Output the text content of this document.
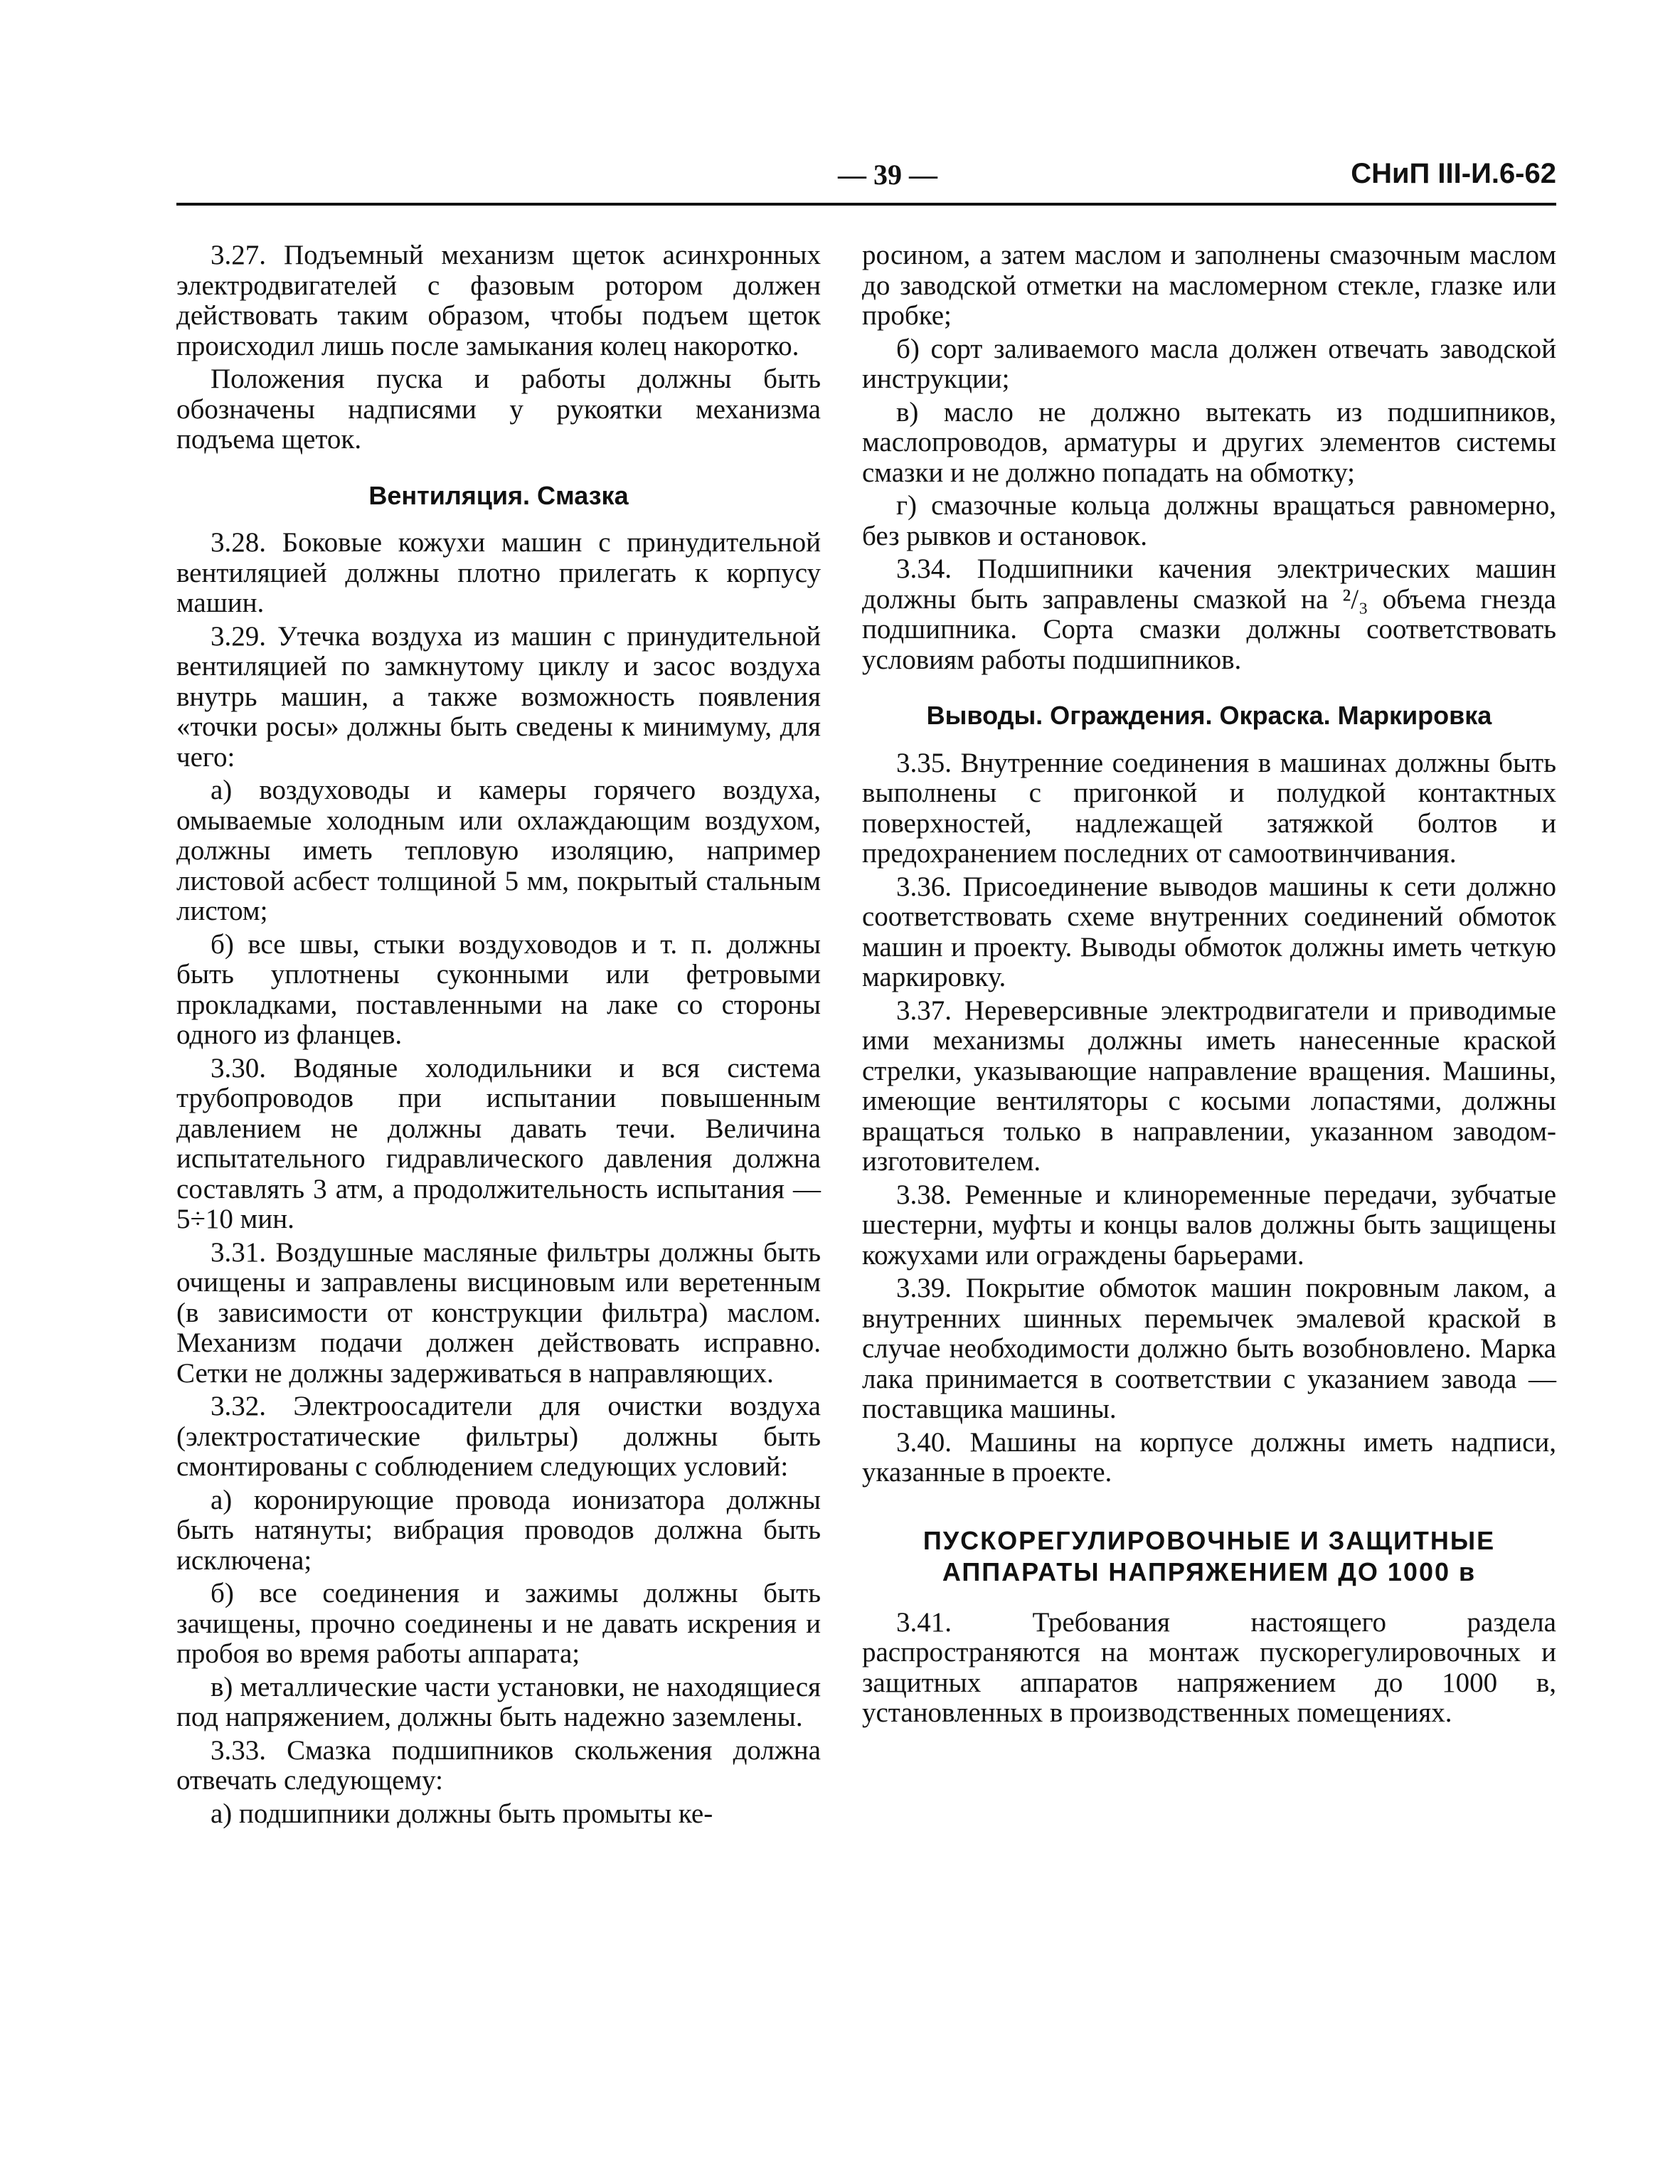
— 39 —	СНиП III-И.6-62

3.27. Подъемный механизм щеток асинхронных электродвигателей с фазовым ротором должен действовать таким образом, чтобы подъем щеток происходил лишь после замыкания колец накоротко.

Положения пуска и работы должны быть обозначены надписями у рукоятки механизма подъема щеток.

Вентиляция. Смазка

3.28. Боковые кожухи машин с принудительной вентиляцией должны плотно прилегать к корпусу машин.

3.29. Утечка воздуха из машин с принудительной вентиляцией по замкнутому циклу и засос воздуха внутрь машин, а также возможность появления «точки росы» должны быть сведены к минимуму, для чего:

а) воздуховоды и камеры горячего воздуха, омываемые холодным или охлаждающим воздухом, должны иметь тепловую изоляцию, например листовой асбест толщиной 5 мм, покрытый стальным листом;

б) все швы, стыки воздуховодов и т. п. должны быть уплотнены суконными или фетровыми прокладками, поставленными на лаке со стороны одного из фланцев.

3.30. Водяные холодильники и вся система трубопроводов при испытании повышенным давлением не должны давать течи. Величина испытательного гидравлического давления должна составлять 3 атм, а продолжительность испытания — 5÷10 мин.

3.31. Воздушные масляные фильтры должны быть очищены и заправлены висциновым или веретенным (в зависимости от конструкции фильтра) маслом. Механизм подачи должен действовать исправно. Сетки не должны задерживаться в направляющих.

3.32. Электроосадители для очистки воздуха (электростатические фильтры) должны быть смонтированы с соблюдением следующих условий:

а) коронирующие провода ионизатора должны быть натянуты; вибрация проводов должна быть исключена;

б) все соединения и зажимы должны быть зачищены, прочно соединены и не давать искрения и пробоя во время работы аппарата;

в) металлические части установки, не находящиеся под напряжением, должны быть надежно заземлены.

3.33. Смазка подшипников скольжения должна отвечать следующему:

а) подшипники должны быть промыты ке-

росином, а затем маслом и заполнены смазочным маслом до заводской отметки на масломерном стекле, глазке или пробке;

б) сорт заливаемого масла должен отвечать заводской инструкции;

в) масло не должно вытекать из подшипников, маслопроводов, арматуры и других элементов системы смазки и не должно попадать на обмотку;

г) смазочные кольца должны вращаться равномерно, без рывков и остановок.

3.34. Подшипники качения электрических машин должны быть заправлены смазкой на ²/₃ объема гнезда подшипника. Сорта смазки должны соответствовать условиям работы подшипников.

Выводы. Ограждения. Окраска. Маркировка

3.35. Внутренние соединения в машинах должны быть выполнены с пригонкой и полудкой контактных поверхностей, надлежащей затяжкой болтов и предохранением последних от самоотвинчивания.

3.36. Присоединение выводов машины к сети должно соответствовать схеме внутренних соединений обмоток машин и проекту. Выводы обмоток должны иметь четкую маркировку.

3.37. Нереверсивные электродвигатели и приводимые ими механизмы должны иметь нанесенные краской стрелки, указывающие направление вращения. Машины, имеющие вентиляторы с косыми лопастями, должны вращаться только в направлении, указанном заводом-изготовителем.

3.38. Ременные и клиноременные передачи, зубчатые шестерни, муфты и концы валов должны быть защищены кожухами или ограждены барьерами.

3.39. Покрытие обмоток машин покровным лаком, а внутренних шинных перемычек эмалевой краской в случае необходимости должно быть возобновлено. Марка лака принимается в соответствии с указанием завода — поставщика машины.

3.40. Машины на корпусе должны иметь надписи, указанные в проекте.

ПУСКОРЕГУЛИРОВОЧНЫЕ И ЗАЩИТНЫЕ
АППАРАТЫ НАПРЯЖЕНИЕМ ДО 1000 в

3.41. Требования настоящего раздела распространяются на монтаж пускорегулировочных и защитных аппаратов напряжением до 1000 в, установленных в производственных помещениях.
